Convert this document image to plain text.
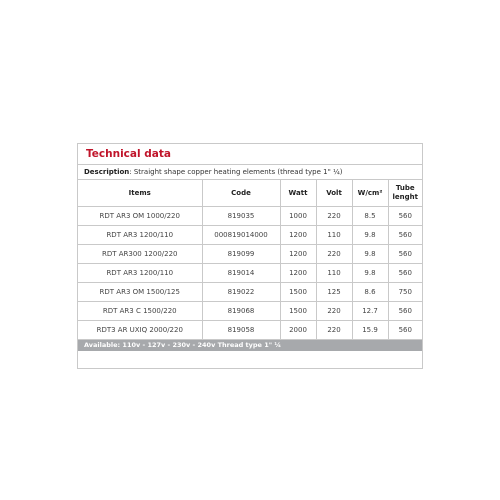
Technical data
Description: Straight shape copper heating elements (thread type 1" ¼)
Items	Code	Watt	Volt	W/cm²	Tube lenght
RDT AR3 OM 1000/220	819035	1000	220	8.5	560
RDT AR3 1200/110	000819014000	1200	110	9.8	560
RDT AR300 1200/220	819099	1200	220	9.8	560
RDT AR3 1200/110	819014	1200	110	9.8	560
RDT AR3 OM 1500/125	819022	1500	125	8.6	750
RDT AR3 C 1500/220	819068	1500	220	12.7	560
RDT3 AR UXIQ 2000/220	819058	2000	220	15.9	560
Available: 110v - 127v - 230v - 240v Thread type 1" ¼
